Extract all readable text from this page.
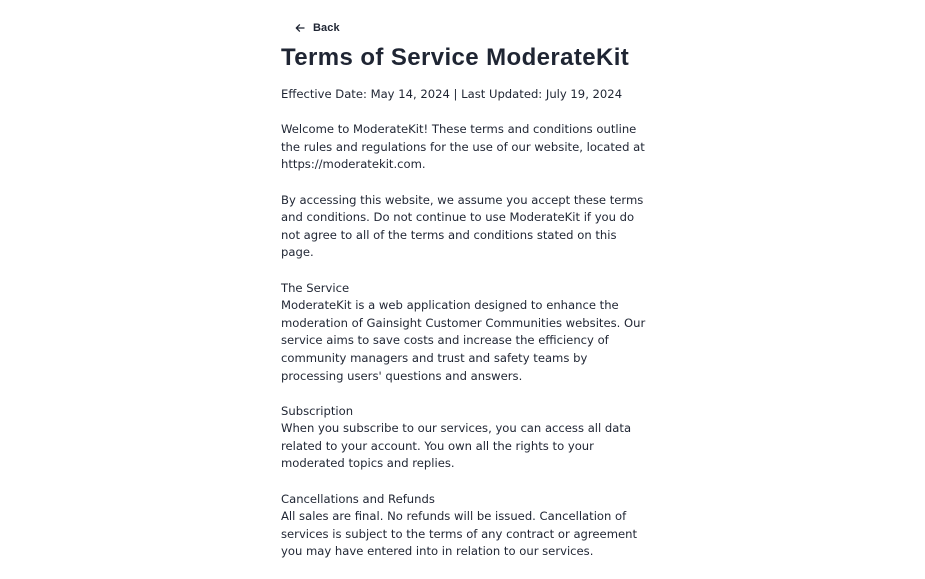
Back
Terms of Service ModerateKit

Effective Date: May 14, 2024 | Last Updated: July 19, 2024

Welcome to ModerateKit! These terms and conditions outline the rules and regulations for the use of our website, located at https://moderatekit.com.

By accessing this website, we assume you accept these terms and conditions. Do not continue to use ModerateKit if you do not agree to all of the terms and conditions stated on this page.

The Service
ModerateKit is a web application designed to enhance the moderation of Gainsight Customer Communities websites. Our service aims to save costs and increase the efficiency of community managers and trust and safety teams by processing users' questions and answers.

Subscription
When you subscribe to our services, you can access all data related to your account. You own all the rights to your moderated topics and replies.

Cancellations and Refunds
All sales are final. No refunds will be issued. Cancellation of services is subject to the terms of any contract or agreement you may have entered into in relation to our services.
